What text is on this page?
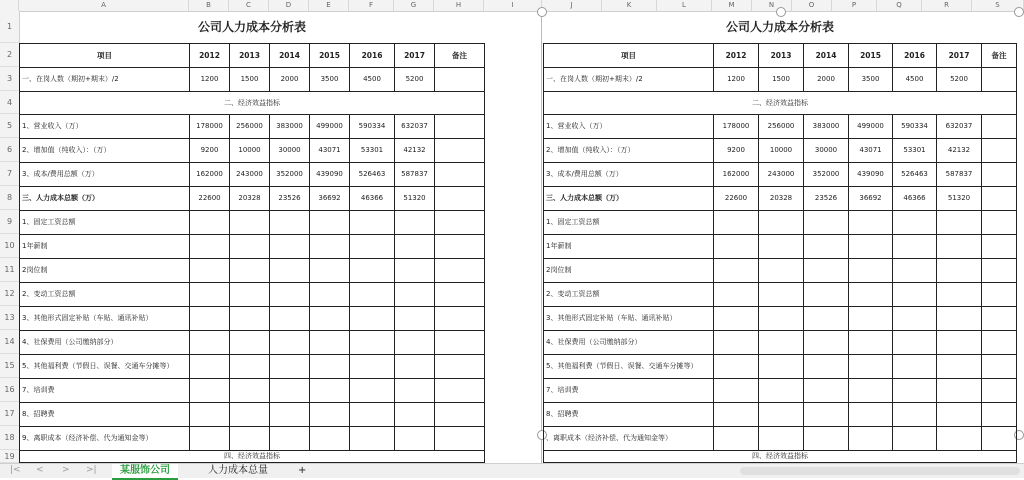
A	B	C	D	E	F	G	H	I	J	K	L	M	N	O	P	Q	R	S
1
2
3
4
5
6
7
8
9
10
11
12
13
14
15
16
17
18
19
公司人力成本分析表							
项目	2012	2013	2014	2015	2016	2017	备注
一、在岗人数（期初+期末）/2	1200	1500	2000	3500	4500	5200	
二、经济效益指标							
1、营业收入（万）	178000	256000	383000	499000	590334	632037	
2、增加值（纯收入）：（万）	9200	10000	30000	43071	53301	42132	
3、成本/费用总额（万）	162000	243000	352000	439090	526463	587837	
三、人力成本总额（万）	22600	20328	23526	36692	46366	51320	
1、固定工资总额							
1年薪制							
2岗位制							
2、变动工资总额							
3、其他形式固定补贴（车贴、通讯补贴）							
4、社保费用（公司缴纳部分）							
5、其他福利费（节假日、误餐、交通车分摊等）							
7、培训费							
8、招聘费							
9、离职成本（经济补偿、代为通知金等）							
四、经济效益指标							
公司人力成本分析表							
项目	2012	2013	2014	2015	2016	2017	备注
一、在岗人数（期初+期末）/2	1200	1500	2000	3500	4500	5200	
二、经济效益指标							
1、营业收入（万）	178000	256000	383000	499000	590334	632037	
2、增加值（纯收入）：（万）	9200	10000	30000	43071	53301	42132	
3、成本/费用总额（万）	162000	243000	352000	439090	526463	587837	
三、人力成本总额（万）	22600	20328	23526	36692	46366	51320	
1、固定工资总额							
1年薪制							
2岗位制							
2、变动工资总额							
3、其他形式固定补贴（车贴、通讯补贴）							
4、社保费用（公司缴纳部分）							
5、其他福利费（节假日、误餐、交通车分摊等）							
7、培训费							
8、招聘费							
、离职成本（经济补偿、代为通知金等）							
四、经济效益指标							
|< < > >|	某服饰公司	人力成本总量	+
